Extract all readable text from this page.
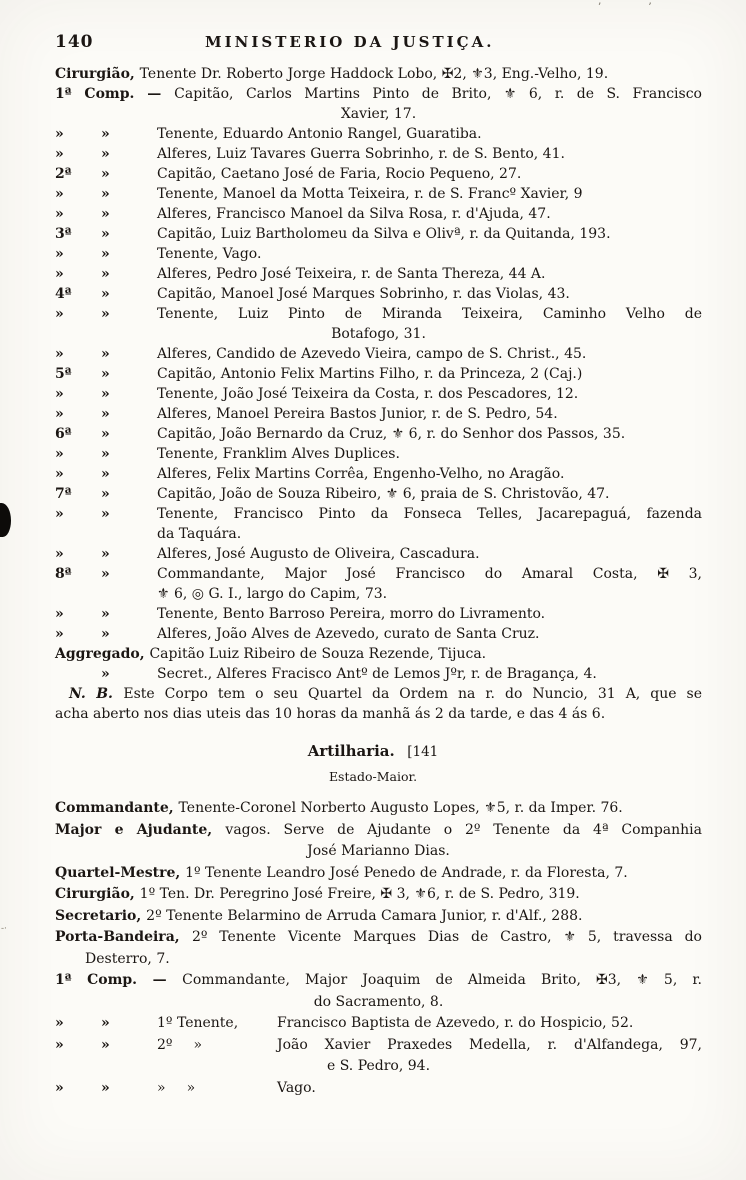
’ ’
140	MINISTERIO DA JUSTIÇA.
Cirurgião, Tenente Dr. Roberto Jorge Haddock Lobo, ✠2, ⚜3, Eng.-Velho, 19.
1ª Comp. — Capitão, Carlos Martins Pinto de Brito, ⚜ 6, r. de S. Francisco
Xavier, 17.
»	»	Tenente, Eduardo Antonio Rangel, Guaratiba.
»	»	Alferes, Luiz Tavares Guerra Sobrinho, r. de S. Bento, 41.
2ª	»	Capitão, Caetano José de Faria, Rocio Pequeno, 27.
»	»	Tenente, Manoel da Motta Teixeira, r. de S. Francº Xavier, 9
»	»	Alferes, Francisco Manoel da Silva Rosa, r. d'Ajuda, 47.
3ª	»	Capitão, Luiz Bartholomeu da Silva e Olivª, r. da Quitanda, 193.
»	»	Tenente, Vago.
»	»	Alferes, Pedro José Teixeira, r. de Santa Thereza, 44 A.
4ª	»	Capitão, Manoel José Marques Sobrinho, r. das Violas, 43.
»	»	Tenente, Luiz Pinto de Miranda Teixeira, Caminho Velho de
Botafogo, 31.
»	»	Alferes, Candido de Azevedo Vieira, campo de S. Christ., 45.
5ª	»	Capitão, Antonio Felix Martins Filho, r. da Princeza, 2 (Caj.)
»	»	Tenente, João José Teixeira da Costa, r. dos Pescadores, 12.
»	»	Alferes, Manoel Pereira Bastos Junior, r. de S. Pedro, 54.
6ª	»	Capitão, João Bernardo da Cruz, ⚜ 6, r. do Senhor dos Passos, 35.
»	»	Tenente, Franklim Alves Duplices.
»	»	Alferes, Felix Martins Corrêa, Engenho-Velho, no Aragão.
7ª	»	Capitão, João de Souza Ribeiro, ⚜ 6, praia de S. Christovão, 47.
»	»	Tenente, Francisco Pinto da Fonseca Telles, Jacarepaguá, fazenda
da Taquára.
»	»	Alferes, José Augusto de Oliveira, Cascadura.
8ª	»	Commandante, Major José Francisco do Amaral Costa, ✠ 3,
⚜ 6, ◎ G. I., largo do Capim, 73.
»	»	Tenente, Bento Barroso Pereira, morro do Livramento.
»	»	Alferes, João Alves de Azevedo, curato de Santa Cruz.
Aggregado, Capitão Luiz Ribeiro de Souza Rezende, Tijuca.
»	Secret., Alferes Fracisco Antº de Lemos Jºr, r. de Bragança, 4.
N. B. Este Corpo tem o seu Quartel da Ordem na r. do Nuncio, 31 A, que se
acha aberto nos dias uteis das 10 horas da manhã ás 2 da tarde, e das 4 ás 6.
Artilharia. [141
Estado-Maior.
Commandante, Tenente-Coronel Norberto Augusto Lopes, ⚜5, r. da Imper. 76.
Major e Ajudante, vagos. Serve de Ajudante o 2º Tenente da 4ª Companhia
José Marianno Dias.
Quartel-Mestre, 1º Tenente Leandro José Penedo de Andrade, r. da Floresta, 7.
Cirurgião, 1º Ten. Dr. Peregrino José Freire, ✠ 3, ⚜6, r. de S. Pedro, 319.
Secretario, 2º Tenente Belarmino de Arruda Camara Junior, r. d'Alf., 288.
Porta-Bandeira, 2º Tenente Vicente Marques Dias de Castro, ⚜ 5, travessa do
Desterro, 7.
1ª Comp. — Commandante, Major Joaquim de Almeida Brito, ✠3, ⚜ 5, r.
do Sacramento, 8.
»	»	1º Tenente,	Francisco Baptista de Azevedo, r. do Hospicio, 52.
»	»	2º  »	João Xavier Praxedes Medella, r. d'Alfandega, 97,
e S. Pedro, 94.
»	»	»  »	Vago.
-·
